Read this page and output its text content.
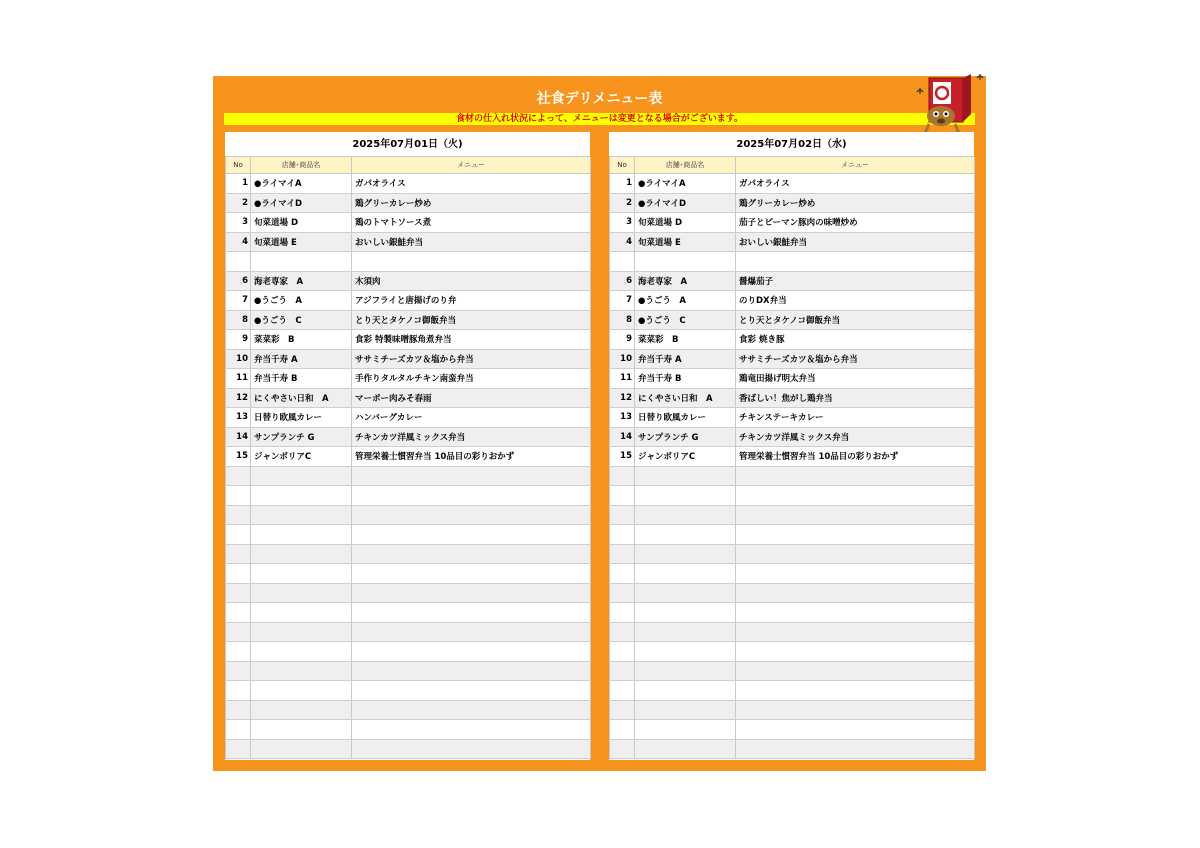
社食デリメニュー表
食材の仕入れ状況によって、メニューは変更となる場合がございます。
2025年07月01日（火)
No	店舗･商品名	メニュー
1	●ライマイA	ガパオライス
2	●ライマイD	鶏グリーカレー炒め
3	旬菜道場 D	鶏のトマトソース煮
4	旬菜道場 E	おいしい銀鮭弁当

6	海老専家　A	木須肉
7	●うごう　A	アジフライと唐揚げのり弁
8	●うごう　C	とり天とタケノコ御飯弁当
9	菜菜彩　B	食彩 特製味噌豚角煮弁当
10	弁当千寿 A	ササミチーズカツ＆塩から弁当
11	弁当千寿 B	手作りタルタルチキン南蛮弁当
12	にくやさい日和　A	マーボー肉みそ春雨
13	日替り欧風カレー	ハンバーグカレー
14	サンプランチ G	チキンカツ洋風ミックス弁当
15	ジャンボリアC	管理栄養士慣習弁当 10品目の彩りおかず

2025年07月02日（水)
No	店舗･商品名	メニュー
1	●ライマイA	ガパオライス
2	●ライマイD	鶏グリーカレー炒め
3	旬菜道場 D	茄子とピーマン豚肉の味噌炒め
4	旬菜道場 E	おいしい銀鮭弁当

6	海老専家　A	醤爆茄子
7	●うごう　A	のりDX弁当
8	●うごう　C	とり天とタケノコ御飯弁当
9	菜菜彩　B	食彩 焼き豚
10	弁当千寿 A	ササミチーズカツ＆塩から弁当
11	弁当千寿 B	鶏竜田揚げ明太弁当
12	にくやさい日和　A	香ばしい！焦がし鶏弁当
13	日替り欧風カレー	チキンステーキカレー
14	サンプランチ G	チキンカツ洋風ミックス弁当
15	ジャンボリアC	管理栄養士慣習弁当 10品目の彩りおかず
